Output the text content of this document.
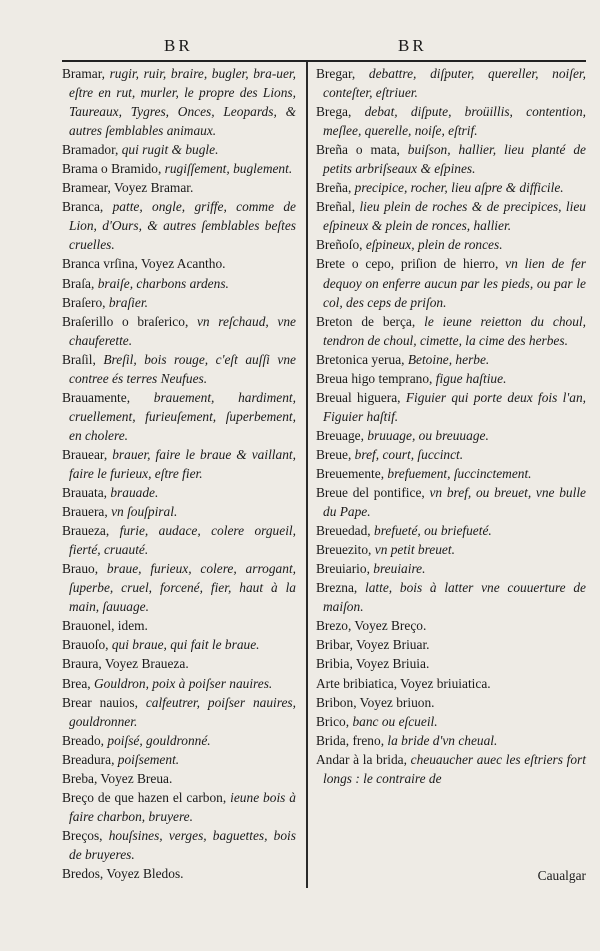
BR	BR
Bramar, rugir, ruir, braire, bugler, bra-uer, eſtre en rut, murler, le propre des Lions, Taureaux, Tygres, Onces, Leopards, & autres ſemblables animaux.
Bramador, qui rugit & bugle.
Brama o Bramido, rugiſſement, buglement.
Bramear, Voyez Bramar.
Branca, patte, ongle, griffe, comme de Lion, d'Ours, & autres ſemblables beſtes cruelles.
Branca vrſina, Voyez Acantho.
Braſa, braiſe, charbons ardens.
Braſero, braſier.
Braſerillo o braſerico, vn reſchaud, vne chauferette.
Braſil, Breſil, bois rouge, c'eſt auſſi vne contree és terres Neufues.
Brauamente, brauement, hardiment, cruellement, furieuſement, ſuperbement, en cholere.
Brauear, brauer, faire le braue & vaillant, faire le furieux, eſtre fier.
Brauata, brauade.
Brauera, vn ſouſpiral.
Braueza, furie, audace, colere orgueil, fierté, cruauté.
Brauo, braue, furieux, colere, arrogant, ſuperbe, cruel, forcené, fier, haut à la main, ſauuage.
Brauonel, idem.
Brauoſo, qui braue, qui fait le braue.
Braura, Voyez Braueza.
Brea, Gouldron, poix à poiſser nauires.
Brear nauios, calfeutrer, poiſser nauires, gouldronner.
Breado, poiſsé, gouldronné.
Breadura, poiſsement.
Breba, Voyez Breua.
Breço de que hazen el carbon, ieune bois à faire charbon, bruyere.
Breços, houſsines, verges, baguettes, bois de bruyeres.
Bredos, Voyez Bledos.
Bregar, debattre, diſputer, quereller, noiſer, conteſter, eſtriuer.
Brega, debat, diſpute, broüillis, contention, meſlee, querelle, noiſe, eſtrif.
Breña o mata, buiſson, hallier, lieu planté de petits arbriſseaux & eſpines.
Breña, precipice, rocher, lieu aſpre & difficile.
Breñal, lieu plein de roches & de precipices, lieu eſpineux & plein de ronces, hallier.
Breñoſo, eſpineux, plein de ronces.
Brete o cepo, priſion de hierro, vn lien de fer dequoy on enferre aucun par les pieds, ou par le col, des ceps de priſon.
Breton de berça, le ieune reietton du choul, tendron de choul, cimette, la cime des herbes.
Bretonica yerua, Betoine, herbe.
Breua higo temprano, figue haſtiue.
Breual higuera, Figuier qui porte deux fois l'an, Figuier haſtif.
Breuage, bruuage, ou breuuage.
Breue, bref, court, ſuccinct.
Breuemente, brefuement, ſuccinctement.
Breue del pontifice, vn bref, ou breuet, vne bulle du Pape.
Breuedad, brefueté, ou briefueté.
Breuezito, vn petit breuet.
Breuiario, breuiaire.
Brezna, latte, bois à latter vne couuerture de maiſon.
Brezo, Voyez Breço.
Bribar, Voyez Briuar.
Bribia, Voyez Briuia.
Arte bribiatica, Voyez briuiatica.
Bribon, Voyez briuon.
Brico, banc ou eſcueil.
Brida, freno, la bride d'vn cheual.
Andar à la brida, cheuaucher auec les eſtriers fort longs : le contraire de
Caualgar
